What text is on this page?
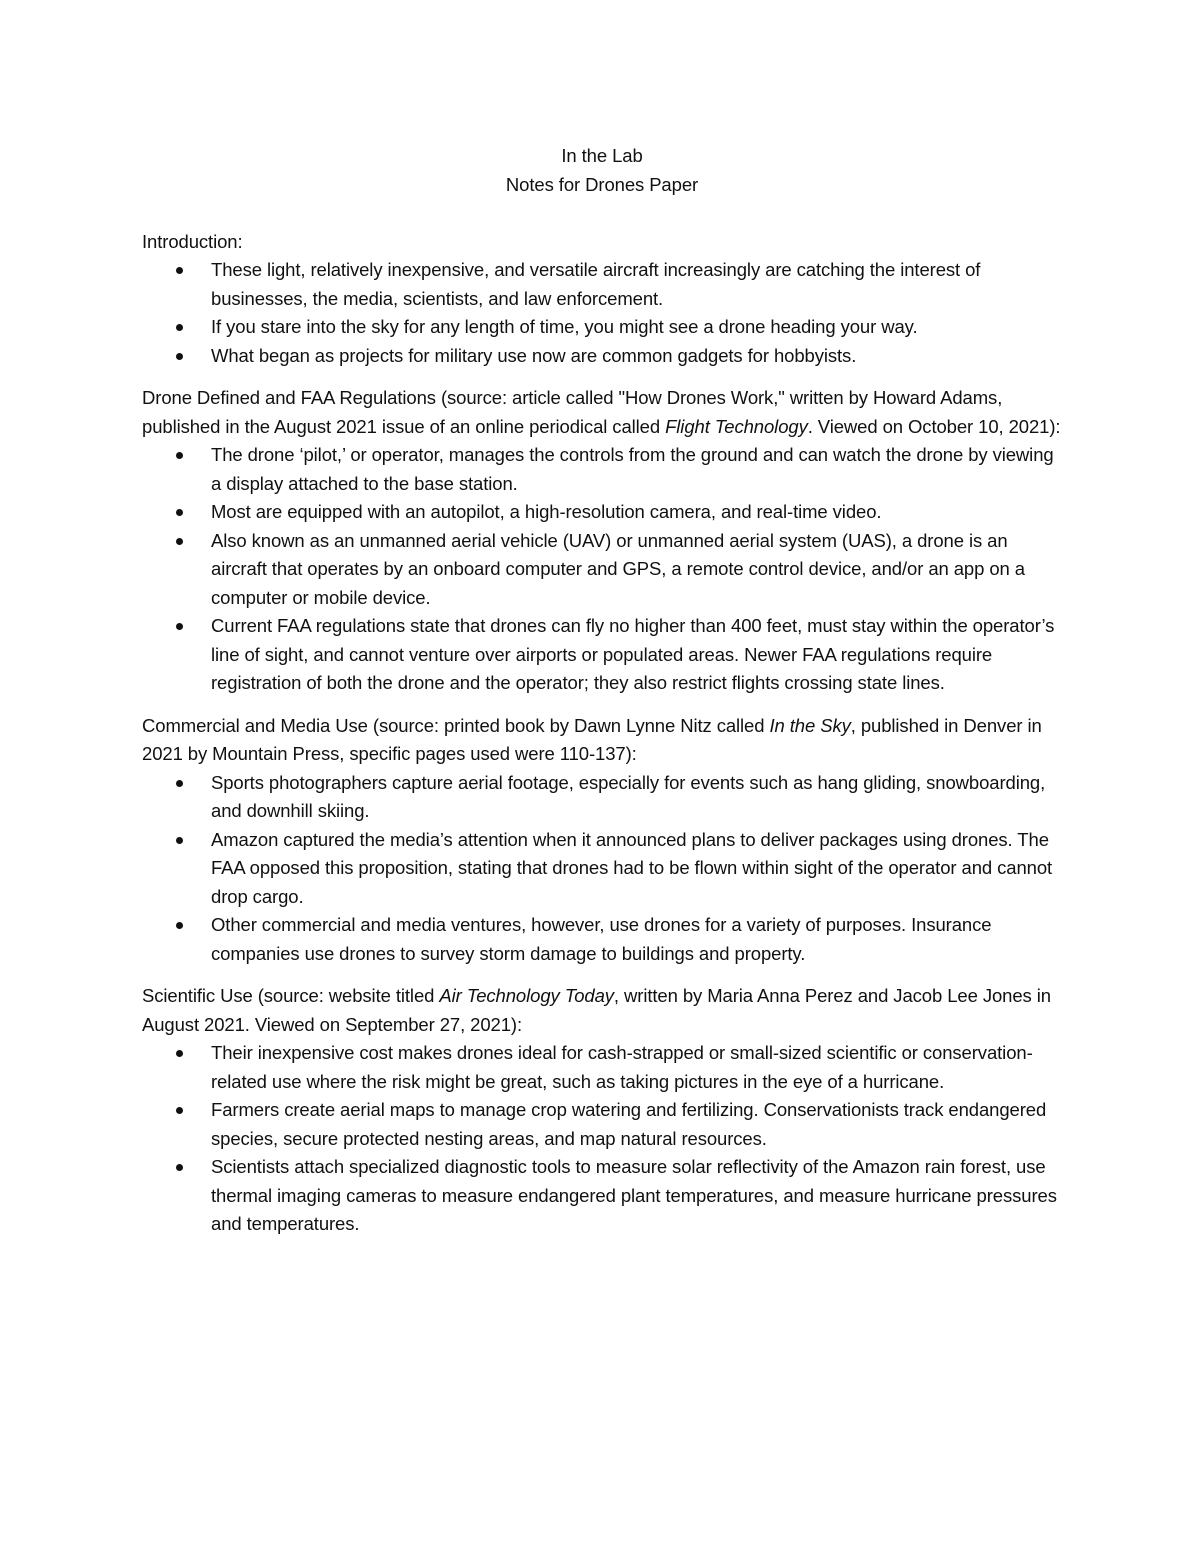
In the Lab
Notes for Drones Paper

Introduction:

These light, relatively inexpensive, and versatile aircraft increasingly are catching the interest of businesses, the media, scientists, and law enforcement.
If you stare into the sky for any length of time, you might see a drone heading your way.
What began as projects for military use now are common gadgets for hobbyists.

Drone Defined and FAA Regulations (source: article called "How Drones Work," written by Howard Adams, published in the August 2021 issue of an online periodical called Flight Technology. Viewed on October 10, 2021):

The drone ‘pilot,’ or operator, manages the controls from the ground and can watch the drone by viewing a display attached to the base station.
Most are equipped with an autopilot, a high-resolution camera, and real-time video.
Also known as an unmanned aerial vehicle (UAV) or unmanned aerial system (UAS), a drone is an aircraft that operates by an onboard computer and GPS, a remote control device, and/or an app on a computer or mobile device.
Current FAA regulations state that drones can fly no higher than 400 feet, must stay within the operator’s line of sight, and cannot venture over airports or populated areas. Newer FAA regulations require registration of both the drone and the operator; they also restrict flights crossing state lines.

Commercial and Media Use (source: printed book by Dawn Lynne Nitz called In the Sky, published in Denver in 2021 by Mountain Press, specific pages used were 110-137):

Sports photographers capture aerial footage, especially for events such as hang gliding, snowboarding, and downhill skiing.
Amazon captured the media’s attention when it announced plans to deliver packages using drones. The FAA opposed this proposition, stating that drones had to be flown within sight of the operator and cannot drop cargo.
Other commercial and media ventures, however, use drones for a variety of purposes. Insurance companies use drones to survey storm damage to buildings and property.

Scientific Use (source: website titled Air Technology Today, written by Maria Anna Perez and Jacob Lee Jones in August 2021. Viewed on September 27, 2021):

Their inexpensive cost makes drones ideal for cash-strapped or small-sized scientific or conservation-related use where the risk might be great, such as taking pictures in the eye of a hurricane.
Farmers create aerial maps to manage crop watering and fertilizing. Conservationists track endangered species, secure protected nesting areas, and map natural resources.
Scientists attach specialized diagnostic tools to measure solar reflectivity of the Amazon rain forest, use thermal imaging cameras to measure endangered plant temperatures, and measure hurricane pressures and temperatures.
